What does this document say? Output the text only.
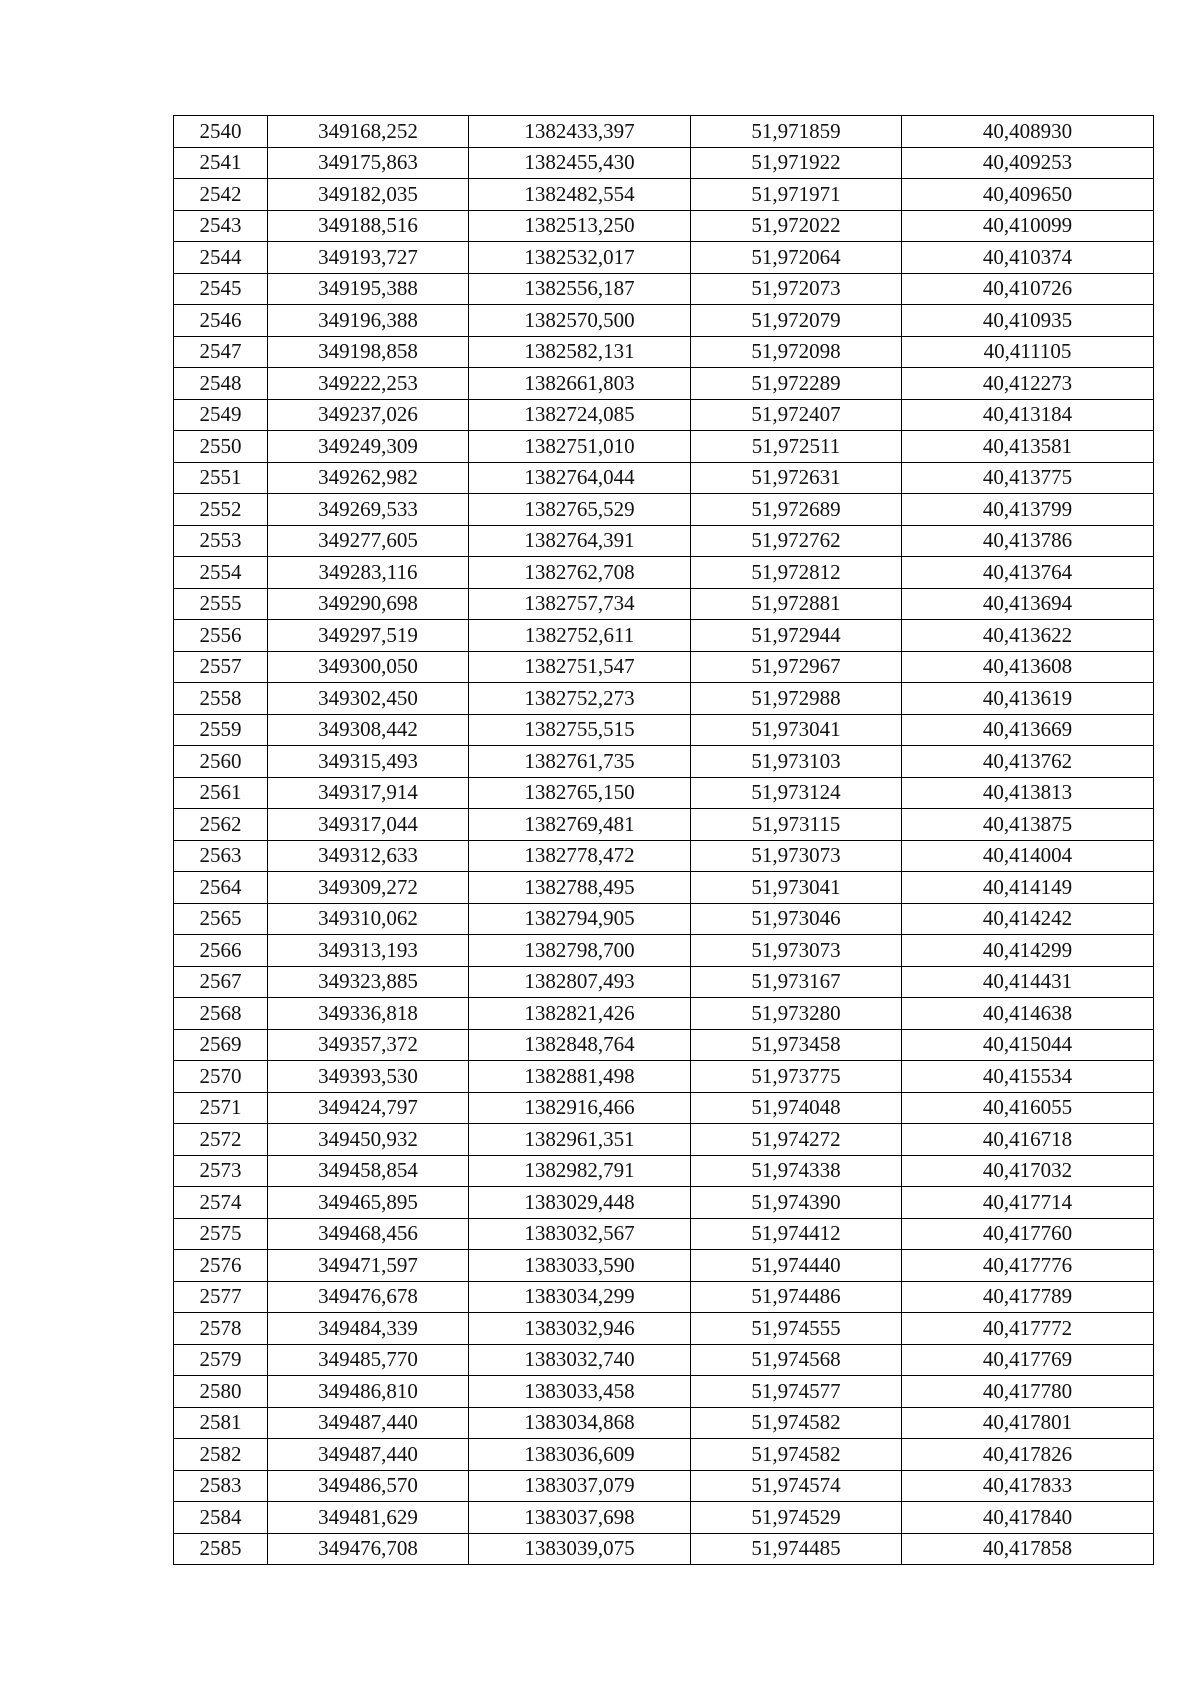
2540	349168,252	1382433,397	51,971859	40,408930
2541	349175,863	1382455,430	51,971922	40,409253
2542	349182,035	1382482,554	51,971971	40,409650
2543	349188,516	1382513,250	51,972022	40,410099
2544	349193,727	1382532,017	51,972064	40,410374
2545	349195,388	1382556,187	51,972073	40,410726
2546	349196,388	1382570,500	51,972079	40,410935
2547	349198,858	1382582,131	51,972098	40,411105
2548	349222,253	1382661,803	51,972289	40,412273
2549	349237,026	1382724,085	51,972407	40,413184
2550	349249,309	1382751,010	51,972511	40,413581
2551	349262,982	1382764,044	51,972631	40,413775
2552	349269,533	1382765,529	51,972689	40,413799
2553	349277,605	1382764,391	51,972762	40,413786
2554	349283,116	1382762,708	51,972812	40,413764
2555	349290,698	1382757,734	51,972881	40,413694
2556	349297,519	1382752,611	51,972944	40,413622
2557	349300,050	1382751,547	51,972967	40,413608
2558	349302,450	1382752,273	51,972988	40,413619
2559	349308,442	1382755,515	51,973041	40,413669
2560	349315,493	1382761,735	51,973103	40,413762
2561	349317,914	1382765,150	51,973124	40,413813
2562	349317,044	1382769,481	51,973115	40,413875
2563	349312,633	1382778,472	51,973073	40,414004
2564	349309,272	1382788,495	51,973041	40,414149
2565	349310,062	1382794,905	51,973046	40,414242
2566	349313,193	1382798,700	51,973073	40,414299
2567	349323,885	1382807,493	51,973167	40,414431
2568	349336,818	1382821,426	51,973280	40,414638
2569	349357,372	1382848,764	51,973458	40,415044
2570	349393,530	1382881,498	51,973775	40,415534
2571	349424,797	1382916,466	51,974048	40,416055
2572	349450,932	1382961,351	51,974272	40,416718
2573	349458,854	1382982,791	51,974338	40,417032
2574	349465,895	1383029,448	51,974390	40,417714
2575	349468,456	1383032,567	51,974412	40,417760
2576	349471,597	1383033,590	51,974440	40,417776
2577	349476,678	1383034,299	51,974486	40,417789
2578	349484,339	1383032,946	51,974555	40,417772
2579	349485,770	1383032,740	51,974568	40,417769
2580	349486,810	1383033,458	51,974577	40,417780
2581	349487,440	1383034,868	51,974582	40,417801
2582	349487,440	1383036,609	51,974582	40,417826
2583	349486,570	1383037,079	51,974574	40,417833
2584	349481,629	1383037,698	51,974529	40,417840
2585	349476,708	1383039,075	51,974485	40,417858
